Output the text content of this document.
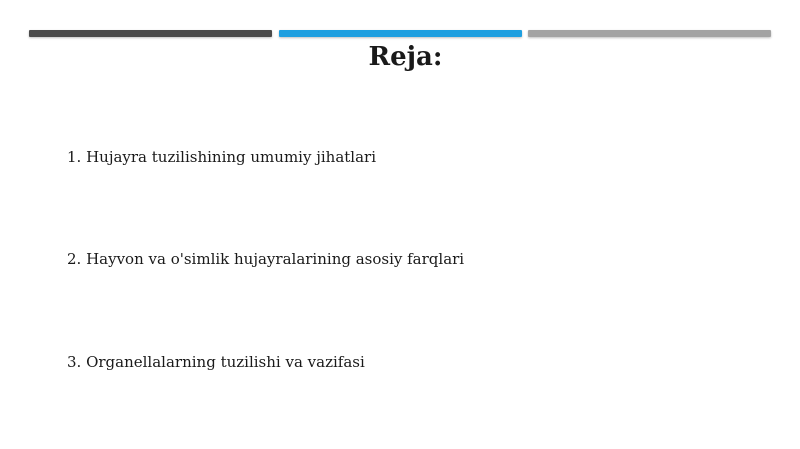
Reja:
1. Hujayra tuzilishining umumiy jihatlari
2. Hayvon va o'simlik hujayralarining asosiy farqlari
3. Organellalarning tuzilishi va vazifasi
